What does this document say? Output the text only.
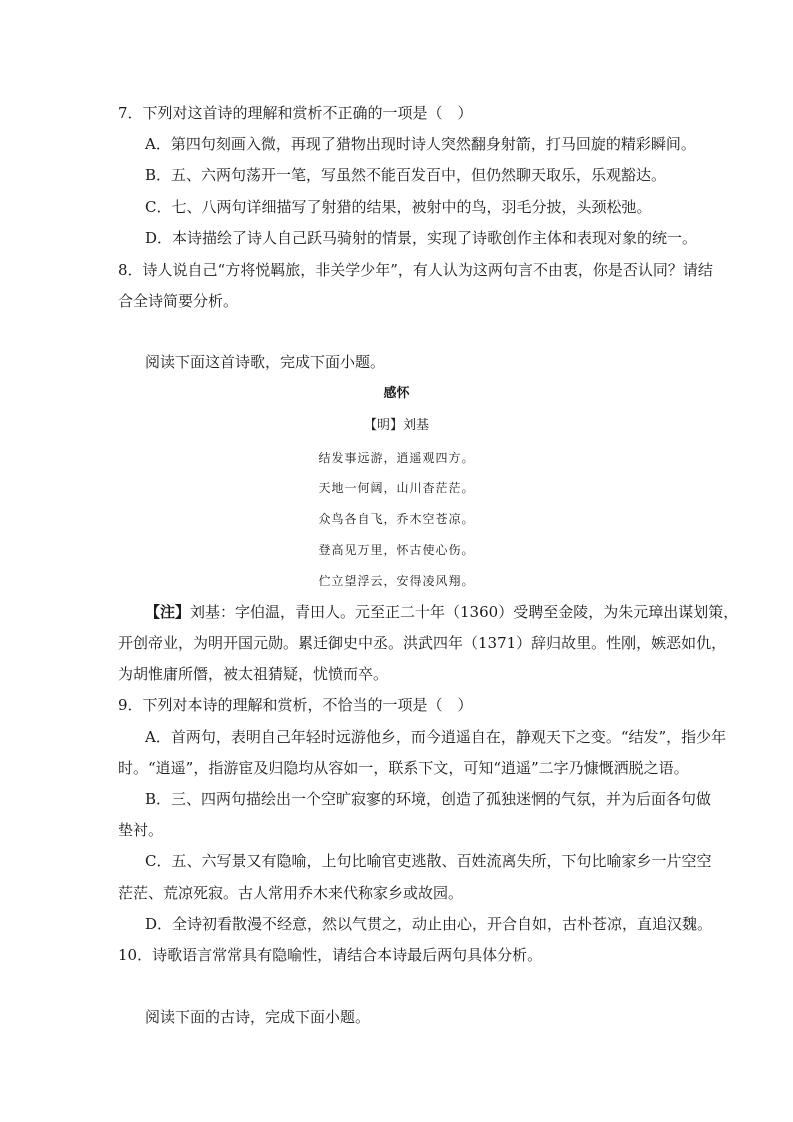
7．下列对这首诗的理解和赏析不正确的一项是（　）
A．第四句刻画入微，再现了猎物出现时诗人突然翻身射箭，打马回旋的精彩瞬间。
B．五、六两句荡开一笔，写虽然不能百发百中，但仍然聊天取乐，乐观豁达。
C．七、八两句详细描写了射猎的结果，被射中的鸟，羽毛分披，头颈松弛。
D．本诗描绘了诗人自己跃马骑射的情景，实现了诗歌创作主体和表现对象的统一。
8．诗人说自己“方将悦羁旅，非关学少年”，有人认为这两句言不由衷，你是否认同？请结
合全诗简要分析。
阅读下面这首诗歌，完成下面小题。
感怀
【明】刘基
结发事远游，逍遥观四方。
天地一何阔，山川杳茫茫。
众鸟各自飞，乔木空苍凉。
登高见万里，怀古使心伤。
伫立望浮云，安得凌风翔。
【注】刘基：字伯温，青田人。元至正二十年（1360）受聘至金陵，为朱元璋出谋划策，
开创帝业，为明开国元勋。累迁御史中丞。洪武四年（1371）辞归故里。性刚，嫉恶如仇，
为胡惟庸所僭，被太祖猜疑，忧愤而卒。
9．下列对本诗的理解和赏析，不恰当的一项是（　）
A．首两句，表明自己年轻时远游他乡，而今逍遥自在，静观天下之变。“结发”，指少年
时。“逍遥”，指游宦及归隐均从容如一，联系下文，可知“逍遥”二字乃慷慨洒脱之语。
B．三、四两句描绘出一个空旷寂寥的环境，创造了孤独迷惘的气氛，并为后面各句做
垫衬。
C．五、六写景又有隐喻，上句比喻官吏逃散、百姓流离失所，下句比喻家乡一片空空
茫茫、荒凉死寂。古人常用乔木来代称家乡或故园。
D．全诗初看散漫不经意，然以气贯之，动止由心，开合自如，古朴苍凉，直追汉魏。
10．诗歌语言常常具有隐喻性，请结合本诗最后两句具体分析。
阅读下面的古诗，完成下面小题。
